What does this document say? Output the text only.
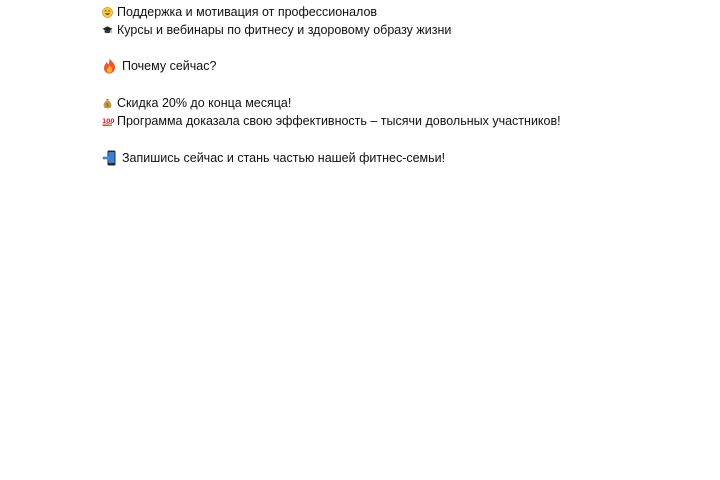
Поддержка и мотивация от профессионалов
Курсы и вебинары по фитнесу и здоровому образу жизни
Почему сейчас?
$ Скидка 20% до конца месяца!
100 Программа доказала свою эффективность – тысячи довольных участников!
Запишись сейчас и стань частью нашей фитнес-семьи!
